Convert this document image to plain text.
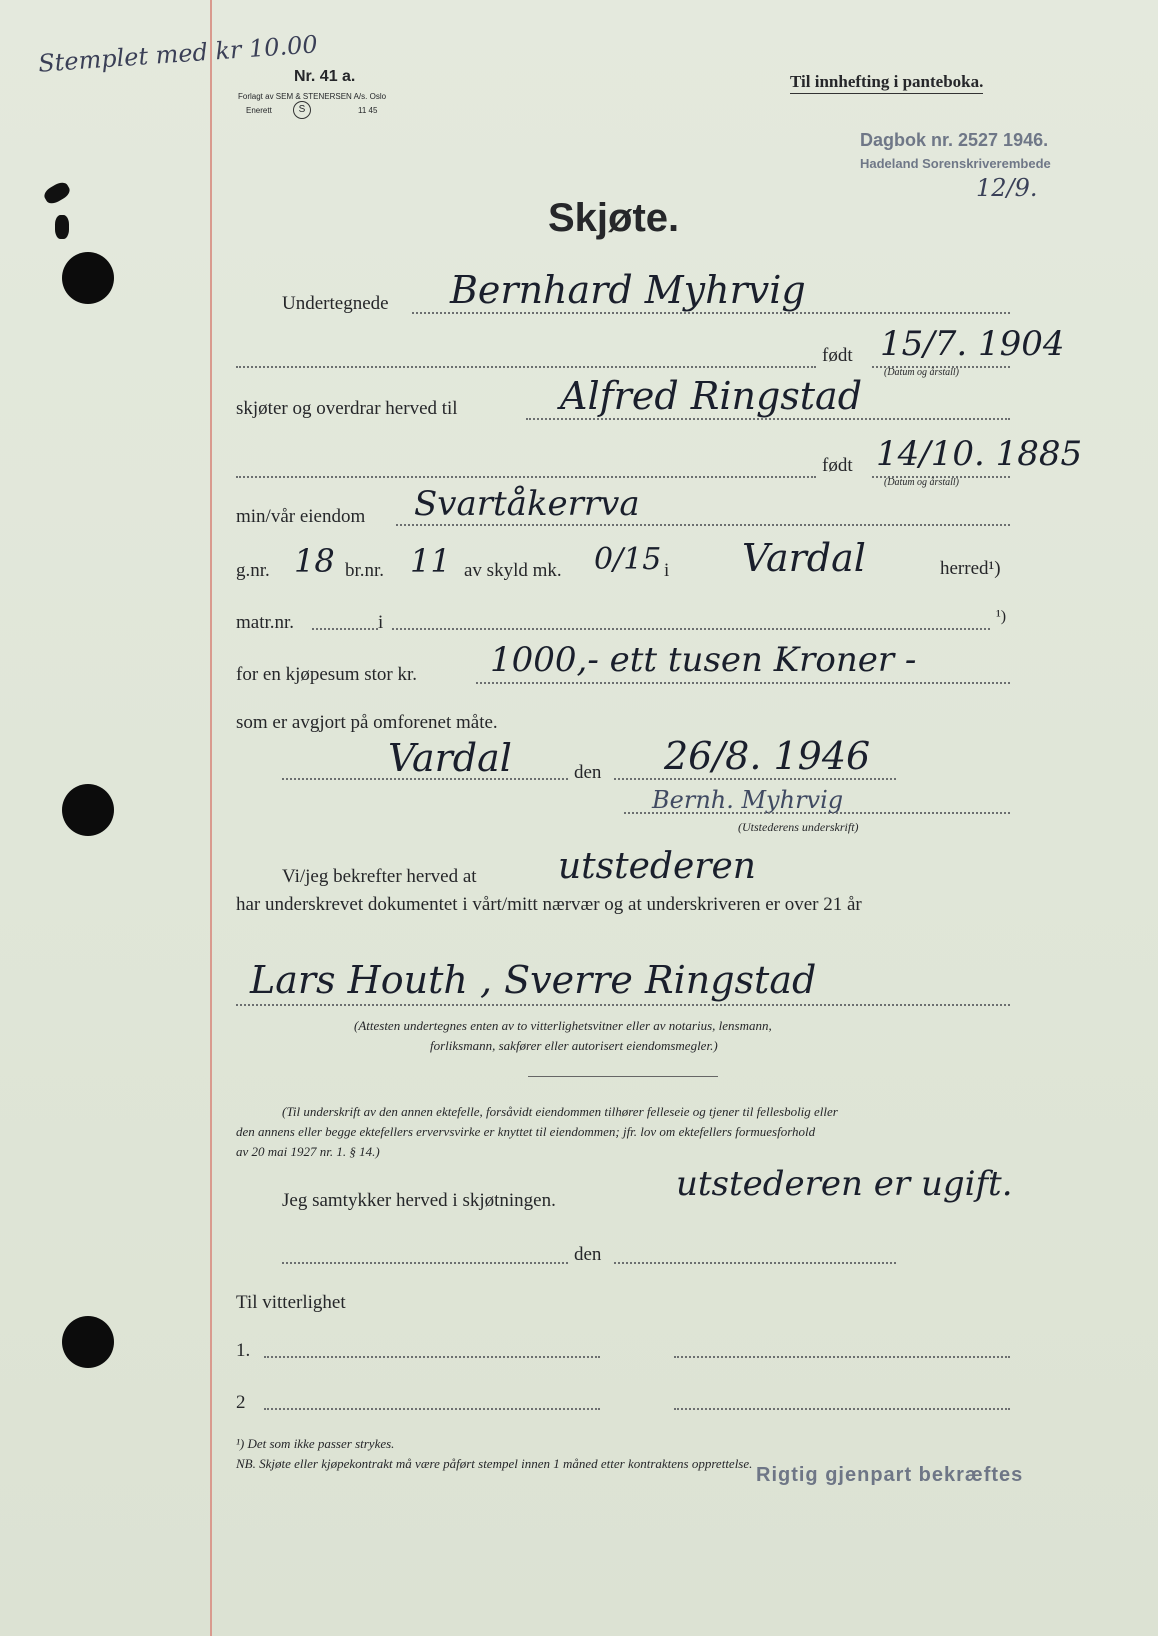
Stemplet med kr 10.00
Nr. 41 a.
Forlagt av SEM & STENERSEN A/s. Oslo
Enerett	S	11 45
Til innhefting i panteboka.
Dagbok nr. 2527 1946.
Hadeland Sorenskriverembede
12/9.
Skjøte.
Undertegnede Bernhard Myhrvig
født 15/7. 1904
(Datum og årstall)
skjøter og overdrar herved til	Alfred Ringstad
født 14/10. 1885
(Datum og årstall)
min/vår eiendom Svartåkerrva
g.nr. 18 br.nr. 11 av skyld mk. 0/15 i Vardal	herred¹)
matr.nr.	i	¹)
for en kjøpesum stor kr. 1000,- ett tusen Kroner -
som er avgjort på omforenet måte.
Vardal	den 26/8. 1946
Bernh. Myhrvig
(Utstederens underskrift)
Vi/jeg bekrefter herved at utstederen
har underskrevet dokumentet i vårt/mitt nærvær og at underskriveren er over 21 år
Lars Houth , Sverre Ringstad
(Attesten undertegnes enten av to vitterlighetsvitner eller av notarius, lensmann,
forliksmann, sakfører eller autorisert eiendomsmegler.)
(Til underskrift av den annen ektefelle, forsåvidt eiendommen tilhører felleseie og tjener til fellesbolig eller
den annens eller begge ektefellers ervervsvirke er knyttet til eiendommen; jfr. lov om ektefellers formuesforhold
av 20 mai 1927 nr. 1. § 14.)
Jeg samtykker herved i skjøtningen.	utstederen er ugift.
den
Til vitterlighet
1.
2
¹) Det som ikke passer strykes.
NB. Skjøte eller kjøpekontrakt må være påført stempel innen 1 måned etter kontraktens opprettelse.
Rigtig gjenpart bekræftes
